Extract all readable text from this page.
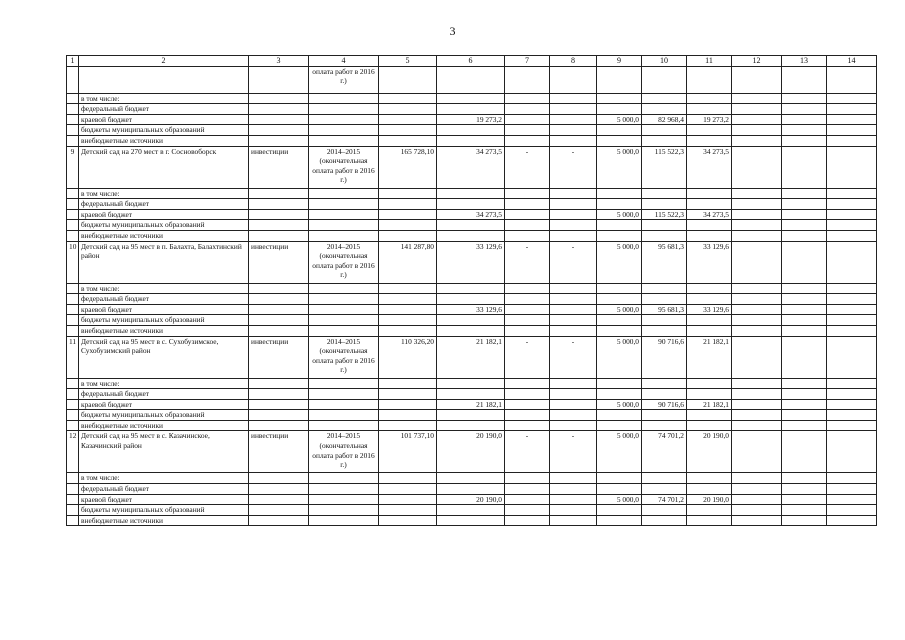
3
1	2	3	4	5	6	7	8	9	10	11	12	13	14
			оплата работ в 2016 г.)										
	в том числе:												
	федеральный бюджет												
	краевой бюджет				19 273,2			5 000,0	82 968,4	19 273,2			
	бюджеты муниципальных образований												
	внебюджетные источники												
9	Детский сад на 270 мест в г. Сосновоборск	инвестиции	2014–2015 (окончательная оплата работ в 2016 г.)	165 728,10	34 273,5	-	-	5 000,0	115 522,3	34 273,5			
	в том числе:												
	федеральный бюджет												
	краевой бюджет				34 273,5			5 000,0	115 522,3	34 273,5			
	бюджеты муниципальных образований												
	внебюджетные источники												
10	Детский сад на 95 мест в п. Балахта, Балахтинский район	инвестиции	2014–2015 (окончательная оплата работ в 2016 г.)	141 287,80	33 129,6	-	-	5 000,0	95 681,3	33 129,6			
	в том числе:												
	федеральный бюджет												
	краевой бюджет				33 129,6			5 000,0	95 681,3	33 129,6			
	бюджеты муниципальных образований												
	внебюджетные источники												
11	Детский сад на 95 мест в с. Сухобузимское, Сухобузимский район	инвестиции	2014–2015 (окончательная оплата работ в 2016 г.)	110 326,20	21 182,1	-	-	5 000,0	90 716,6	21 182,1			
	в том числе:												
	федеральный бюджет												
	краевой бюджет				21 182,1			5 000,0	90 716,6	21 182,1			
	бюджеты муниципальных образований												
	внебюджетные источники												
12	Детский сад на 95 мест в с. Казачинское, Казачинский район	инвестиции	2014–2015 (окончательная оплата работ в 2016 г.)	101 737,10	20 190,0	-	-	5 000,0	74 701,2	20 190,0			
	в том числе:												
	федеральный бюджет												
	краевой бюджет				20 190,0			5 000,0	74 701,2	20 190,0			
	бюджеты муниципальных образований												
	внебюджетные источники												
